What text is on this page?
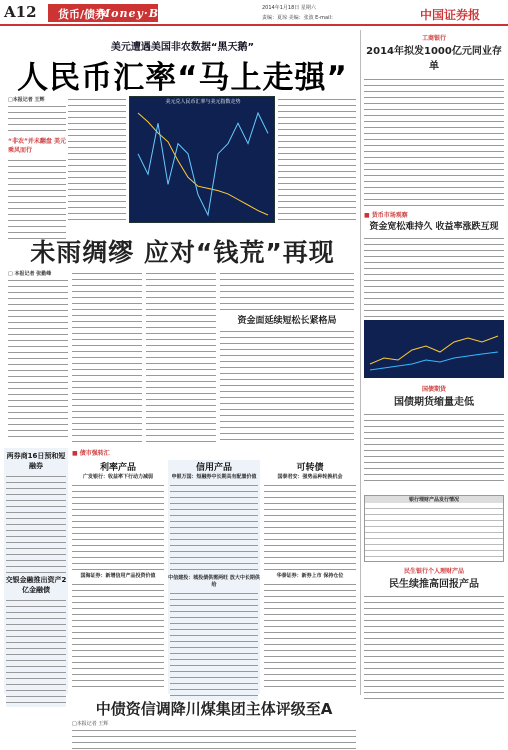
A12 货币/债券
Money·Bonds	2014年1月18日 星期六
责编：夏琼 美编：张波 E-mail：	中国证券报
美元遭遇美国非农数据“黑天鹅”
人民币汇率“马上走强”
□本报记者 王辉
“非农”并未翻盘 美元乘风而行
美元兑人民币汇率与美元指数走势
工商银行
2014年拟发1000亿元同业存单
■ 货币市场观察
资金宽松难持久 收益率涨跌互现
未雨绸缪 应对“钱荒”再现
□ 本报记者 张勤峰
资金面延续短松长紧格局
国债期货
国债期货缩量走低
银行理财产品发行情况
民生银行个人理财产品
民生续推高回报产品
两券商16日预和短融券
交银金融推出资产2亿金融债
■ 债市强转汇
利率产品
广发银行：收益率下行动力减弱
国海证券：新增信用产品投资价值
信用产品
申银万国：短融券中长期具有配置价值
中信建投：城投债供需两旺 放大中长期供给
可转债
国泰君安：强势品种轮换机会
华泰证券：新券上市 保持仓位
中债资信调降川煤集团主体评级至A
□本报记者 王辉
